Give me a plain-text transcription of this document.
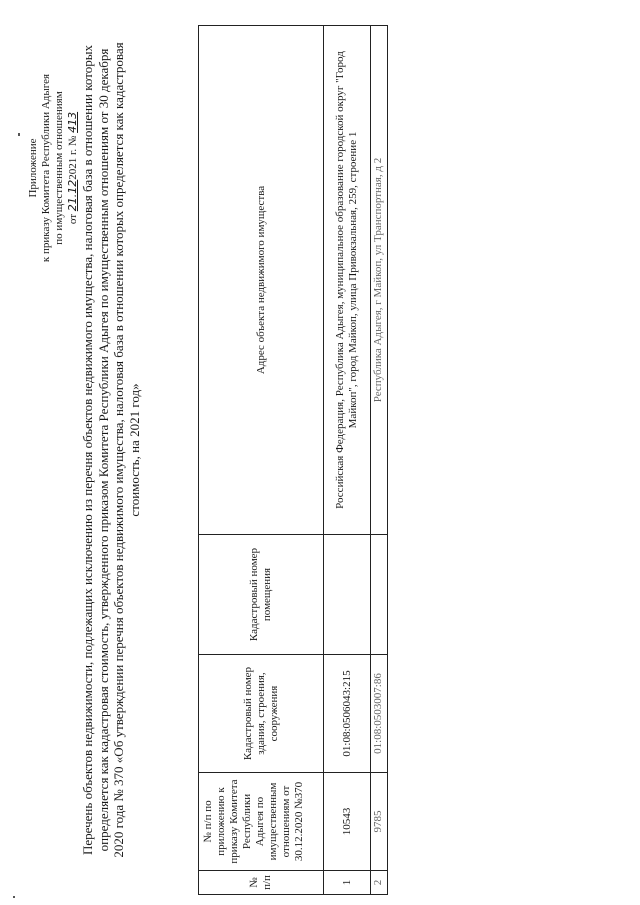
Приложение к приказу Комитета Республики Адыгея по имущественным отношениям от 21.122021 г. № 413 Перечень объектов недвижимости, подлежащих исключению из перечня объектов недвижимого имущества, налоговая база в отношении которых определяется как кадастровая стоимость, утвержденного приказом Комитета Республики Адыгея по имущественным отношениям от 30 декабря 2020 года № 370 «Об утверждении перечня объектов недвижимого имущества, налоговая база в отношении которых определяется как кадастровая стоимость, на 2021 год»
№ п/п	№ п/п по приложению к приказу Комитета Республики Адыгея по имущественным отношениям от 30.12.2020 №370	Кадастровый номер здания, строения, сооружения	Кадастровый номер помещения	Адрес объекта недвижимого имущества
1	10543	01:08:0506043:215		Российская Федерация, Республика Адыгея, муниципальное образование городской округ "Город Майкоп", город Майкоп, улица Привокзальная, 259, строение 1
2	9785	01:08:0503007:86		Республика Адыгея, г Майкоп, ул Транспортная, д 2
